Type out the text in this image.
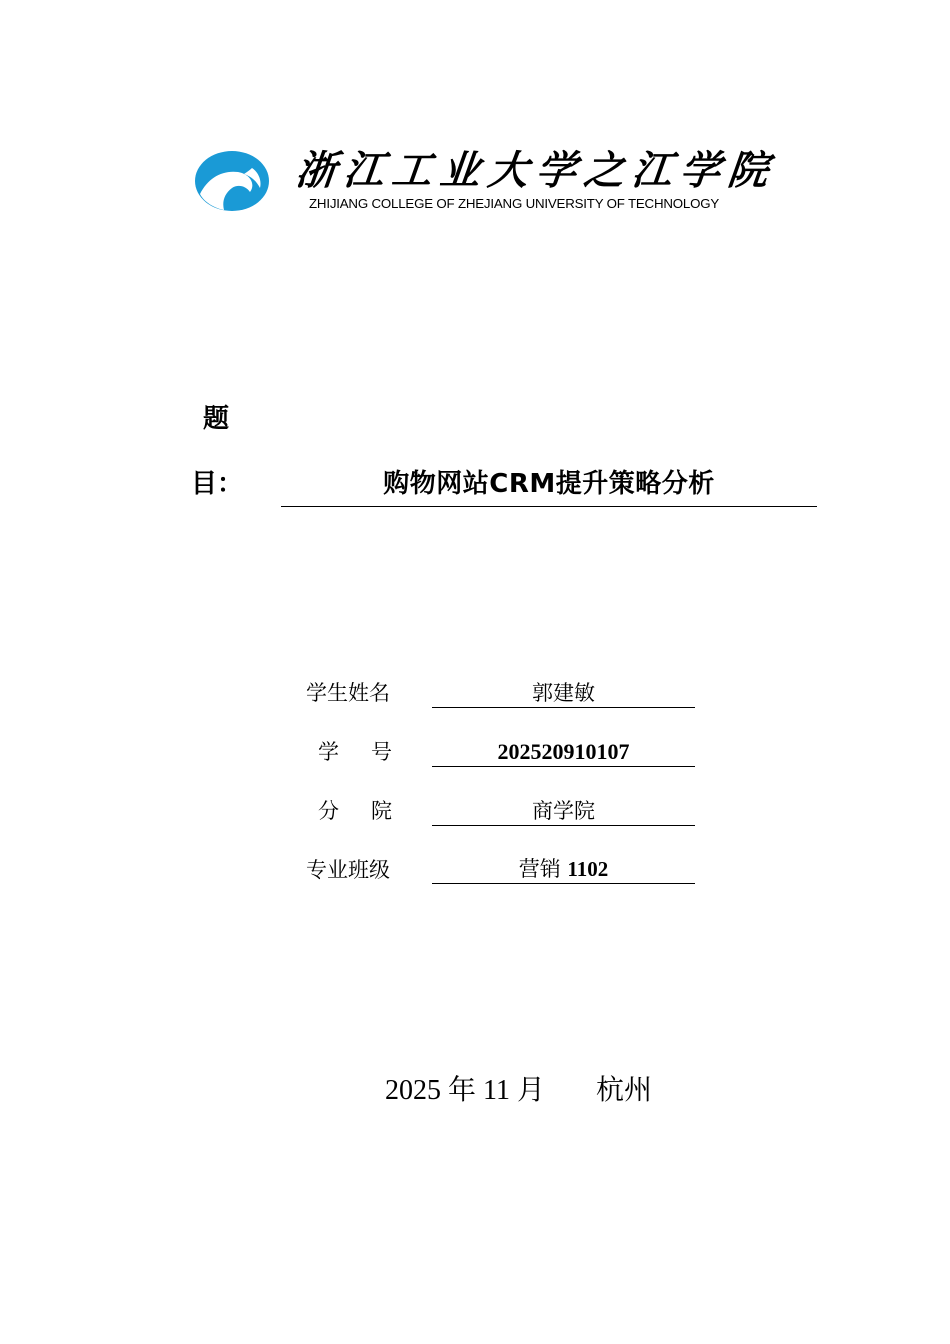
浙江工业大学之江学院
ZHIJIANG COLLEGE OF ZHEJIANG UNIVERSITY OF TECHNOLOGY
题
目：	购物网站CRM提升策略分析
学生姓名	郭建敏
学 号	202520910107
分 院	商学院
专业班级	营销 1102
2025 年 11 月 杭州
